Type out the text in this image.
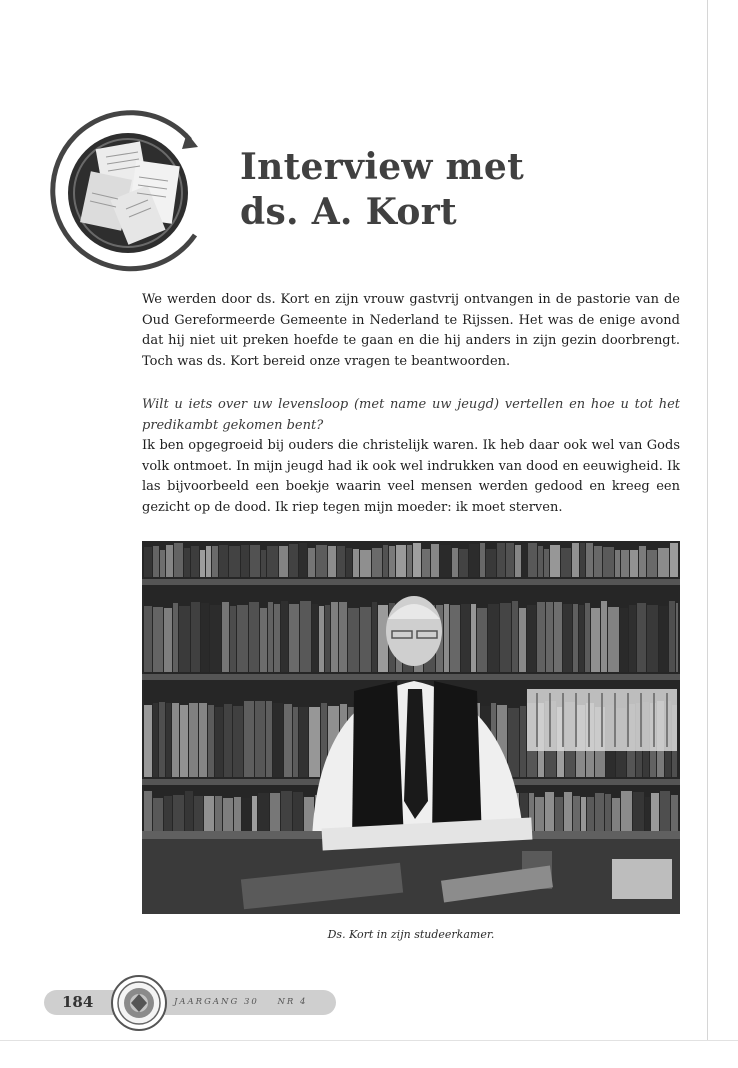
Interview met
ds. A. Kort

We werden door ds. Kort en zijn vrouw gastvrij ontvangen in de pastorie van de Oud Gereformeerde Gemeente in Nederland te Rijssen. Het was de enige avond dat hij niet uit preken hoefde te gaan en die hij anders in zijn gezin doorbrengt. Toch was ds. Kort bereid onze vragen te beantwoorden.

Wilt u iets over uw levensloop (met name uw jeugd) vertellen en hoe u tot het predikambt gekomen bent?
Ik ben opgegroeid bij ouders die christelijk waren. Ik heb daar ook wel van Gods volk ontmoet. In mijn jeugd had ik ook wel indrukken van dood en eeuwigheid. Ik las bijvoorbeeld een boekje waarin veel mensen werden gedood en kreeg een gezicht op de dood. Ik riep tegen mijn moeder: ik moet sterven.

Ds. Kort in zijn studeerkamer.

184	JAARGANG 30 NR 4
